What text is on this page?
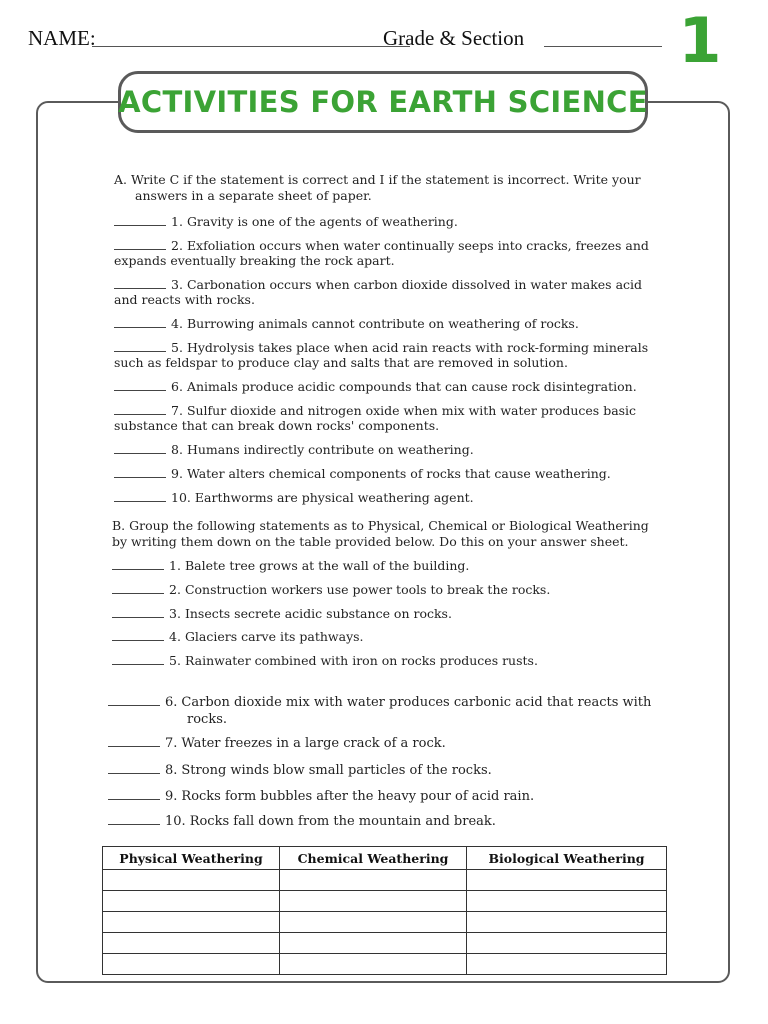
NAME:	Grade & Section 1
ACTIVITIES FOR EARTH SCIENCE
A. Write C if the statement is correct and I if the statement is incorrect. Write your
answers in a separate sheet of paper.
1. Gravity is one of the agents of weathering.
2. Exfoliation occurs when water continually seeps into cracks, freezes and
expands eventually breaking the rock apart.
3. Carbonation occurs when carbon dioxide dissolved in water makes acid
and reacts with rocks.
4. Burrowing animals cannot contribute on weathering of rocks.
5. Hydrolysis takes place when acid rain reacts with rock-forming minerals
such as feldspar to produce clay and salts that are removed in solution.
6. Animals produce acidic compounds that can cause rock disintegration.
7. Sulfur dioxide and nitrogen oxide when mix with water produces basic
substance that can break down rocks' components.
8. Humans indirectly contribute on weathering.
9. Water alters chemical components of rocks that cause weathering.
10. Earthworms are physical weathering agent.
B. Group the following statements as to Physical, Chemical or Biological Weathering
by writing them down on the table provided below. Do this on your answer sheet.
1. Balete tree grows at the wall of the building.
2. Construction workers use power tools to break the rocks.
3. Insects secrete acidic substance on rocks.
4. Glaciers carve its pathways.
5. Rainwater combined with iron on rocks produces rusts.
6. Carbon dioxide mix with water produces carbonic acid that reacts with
rocks.
7. Water freezes in a large crack of a rock.
8. Strong winds blow small particles of the rocks.
9. Rocks form bubbles after the heavy pour of acid rain.
10. Rocks fall down from the mountain and break.
Physical Weathering	Chemical Weathering	Biological Weathering
